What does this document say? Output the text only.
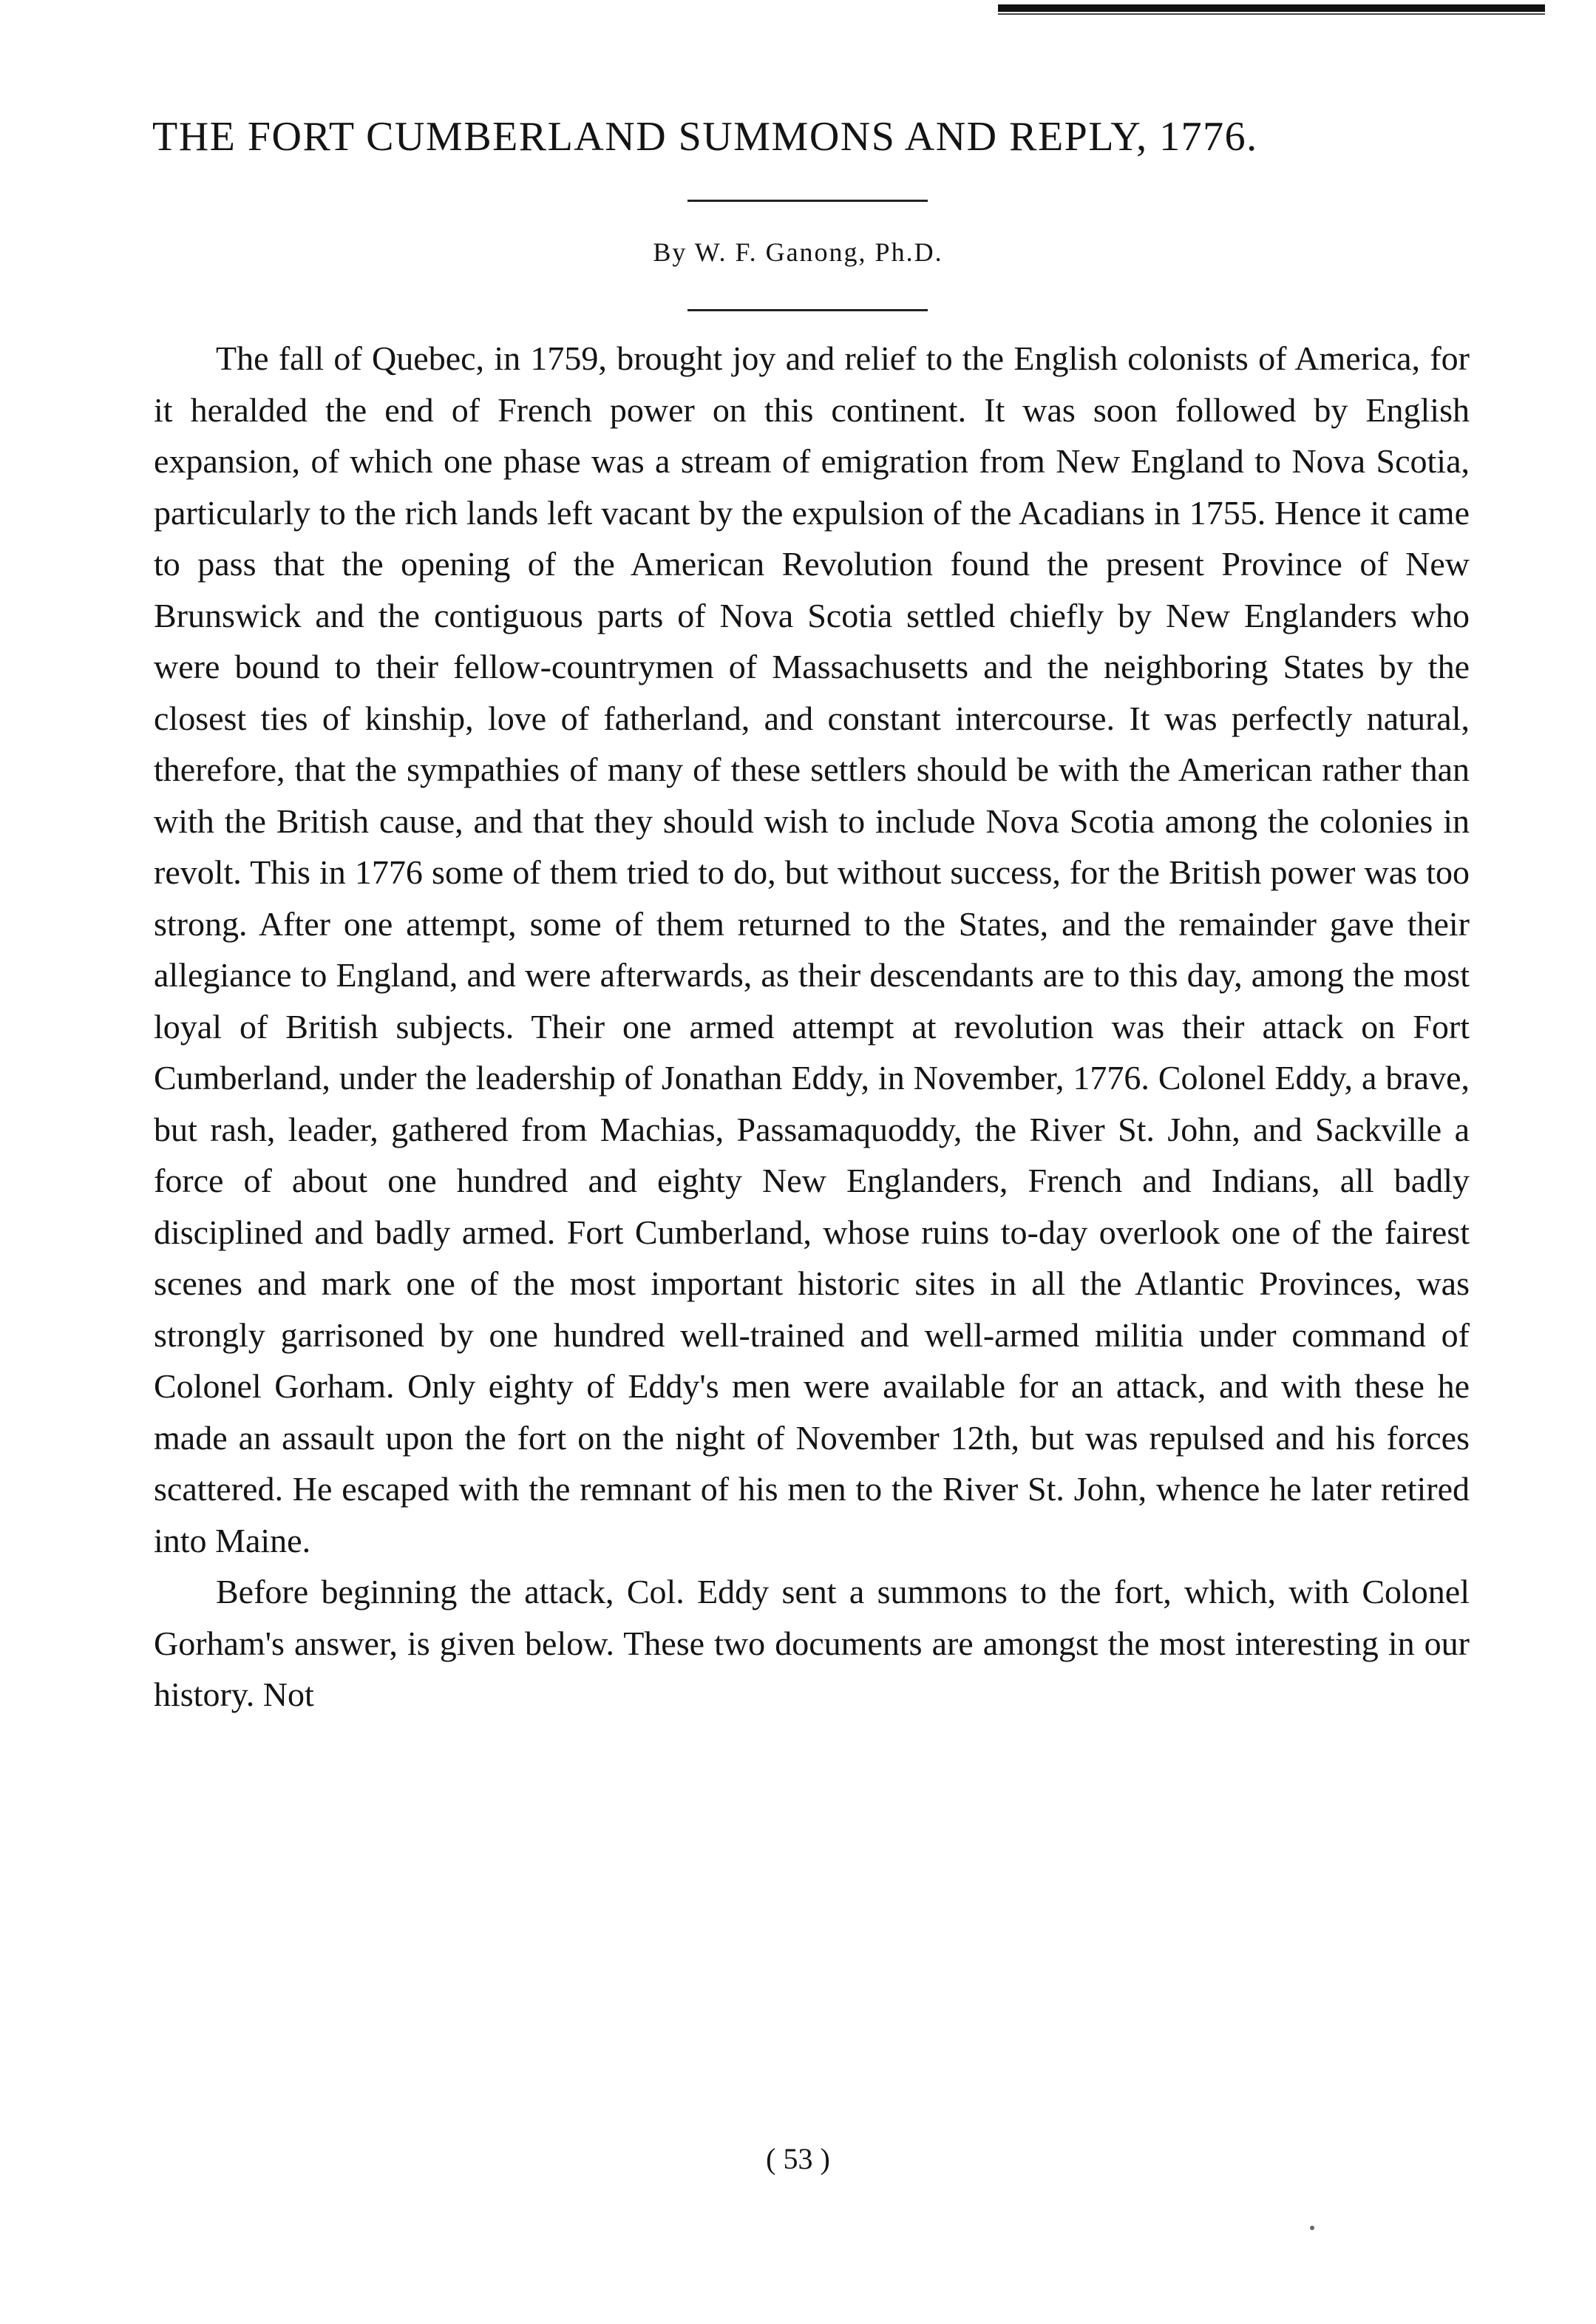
THE FORT CUMBERLAND SUMMONS AND REPLY, 1776.
By W. F. Ganong, Ph.D.

The fall of Quebec, in 1759, brought joy and relief to the English colonists of America, for it heralded the end of French power on this continent. It was soon followed by English expansion, of which one phase was a stream of emigration from New England to Nova Scotia, particularly to the rich lands left vacant by the expulsion of the Acadians in 1755. Hence it came to pass that the opening of the American Revolution found the present Province of New Brunswick and the contiguous parts of Nova Scotia settled chiefly by New Englanders who were bound to their fellow-countrymen of Massachusetts and the neighboring States by the closest ties of kinship, love of fatherland, and constant intercourse. It was perfectly natural, therefore, that the sympathies of many of these settlers should be with the American rather than with the British cause, and that they should wish to include Nova Scotia among the colonies in revolt. This in 1776 some of them tried to do, but without success, for the British power was too strong. After one attempt, some of them returned to the States, and the remainder gave their allegiance to England, and were afterwards, as their descendants are to this day, among the most loyal of British subjects. Their one armed attempt at revolution was their attack on Fort Cumberland, under the leadership of Jonathan Eddy, in November, 1776. Colonel Eddy, a brave, but rash, leader, gathered from Machias, Passamaquoddy, the River St. John, and Sackville a force of about one hundred and eighty New Englanders, French and Indians, all badly disciplined and badly armed. Fort Cumberland, whose ruins to-day overlook one of the fairest scenes and mark one of the most important historic sites in all the Atlantic Provinces, was strongly garrisoned by one hundred well-trained and well-armed militia under command of Colonel Gorham. Only eighty of Eddy's men were available for an attack, and with these he made an assault upon the fort on the night of November 12th, but was repulsed and his forces scattered. He escaped with the remnant of his men to the River St. John, whence he later retired into Maine.

Before beginning the attack, Col. Eddy sent a summons to the fort, which, with Colonel Gorham's answer, is given below. These two documents are amongst the most interesting in our history. Not

( 53 )
